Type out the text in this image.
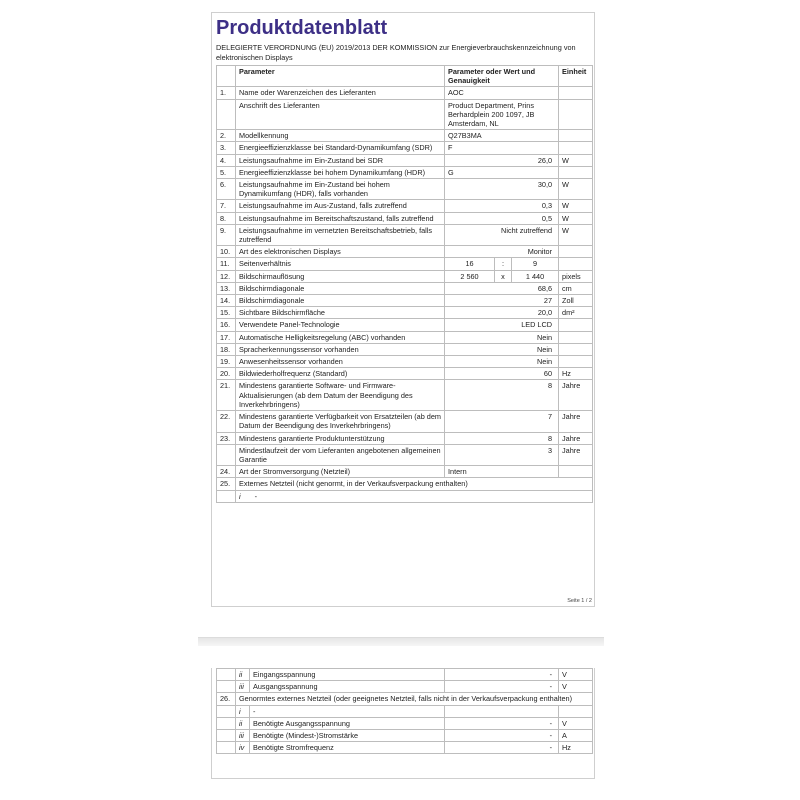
Produktdatenblatt
DELEGIERTE VERORDNUNG (EU) 2019/2013 DER KOMMISSION zur Energieverbrauchskennzeichnung von elektronischen Displays
	Parameter	Parameter oder Wert und Genauigkeit			Einheit
1.	Name oder Warenzeichen des Lieferanten	AOC			
	Anschrift des Lieferanten	Product Department, Prins Berhardplein 200 1097, JB Amsterdam, NL			
2.	Modellkennung	Q27B3MA			
3.	Energieeffizienzklasse bei Standard-Dynamikumfang (SDR)	F			
4.	Leistungsaufnahme im Ein-Zustand bei SDR	26,0			W
5.	Energieeffizienzklasse bei hohem Dynamikumfang (HDR)	G			
6.	Leistungsaufnahme im Ein-Zustand bei hohem Dynamikumfang (HDR), falls vorhanden	30,0			W
7.	Leistungsaufnahme im Aus-Zustand, falls zutreffend	0,3			W
8.	Leistungsaufnahme im Bereitschaftszustand, falls zutreffend	0,5			W
9.	Leistungsaufnahme im vernetzten Bereitschaftsbetrieb, falls zutreffend	Nicht zutreffend			W
10.	Art des elektronischen Displays	Monitor			
11.	Seitenverhältnis	16	:	9	
12.	Bildschirmauflösung	2 560	x	1 440	pixels
13.	Bildschirmdiagonale	68,6			cm
14.	Bildschirmdiagonale	27			Zoll
15.	Sichtbare Bildschirmfläche	20,0			dm²
16.	Verwendete Panel-Technologie	LED LCD			
17.	Automatische Helligkeitsregelung (ABC) vorhanden	Nein			
18.	Spracherkennungssensor vorhanden	Nein			
19.	Anwesenheitssensor vorhanden	Nein			
20.	Bildwiederholfrequenz (Standard)	60			Hz
21.	Mindestens garantierte Software- und Firmware-Aktualisierungen (ab dem Datum der Beendigung des Inverkehrbringens)	8			Jahre
22.	Mindestens garantierte Verfügbarkeit von Ersatzteilen (ab dem Datum der Beendigung des Inverkehrbringens)	7			Jahre
23.	Mindestens garantierte Produktunterstützung	8			Jahre
	Mindestlaufzeit der vom Lieferanten angebotenen allgemeinen Garantie	3			Jahre
24.	Art der Stromversorgung (Netzteil)	Intern			
25.	Externes Netzteil (nicht genormt, in der Verkaufsverpackung enthalten)				
	i -				
Seite 1 / 2
	ii	Eingangsspannung	-	V
	iii	Ausgangsspannung	-	V
26.	Genormtes externes Netzteil (oder geeignetes Netzteil, falls nicht in der Verkaufsverpackung enthalten)			
	i	-		
	ii	Benötigte Ausgangsspannung	-	V
	iii	Benötigte (Mindest-)Stromstärke	-	A
	iv	Benötigte Stromfrequenz	-	Hz
